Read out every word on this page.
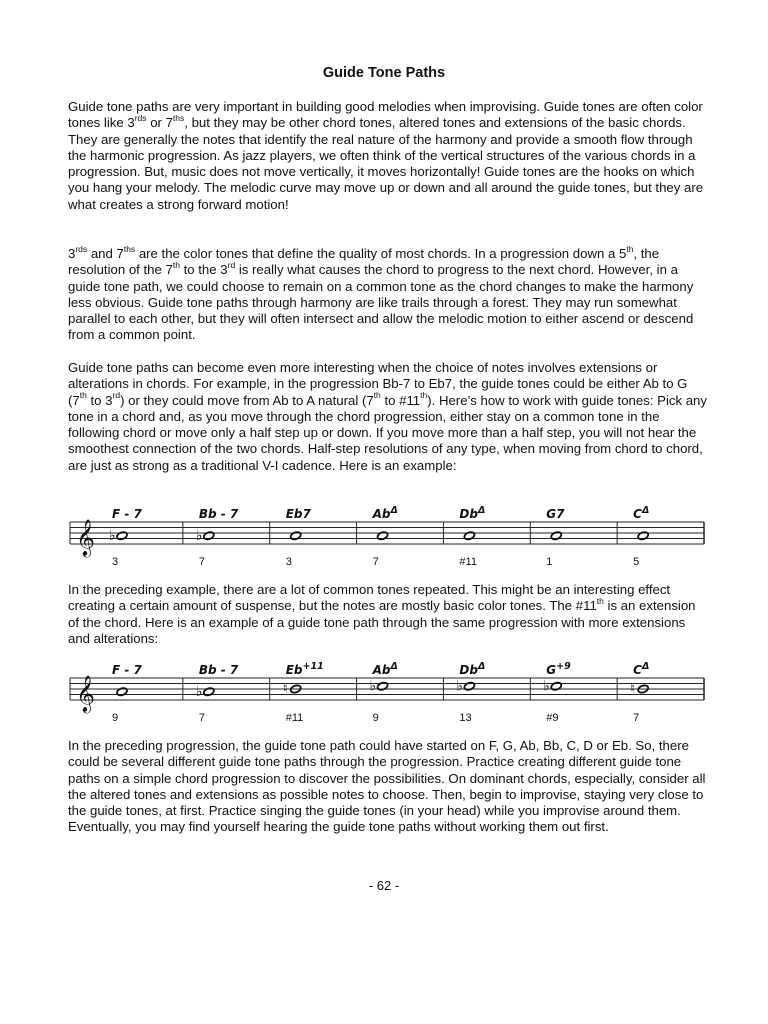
Guide Tone Paths

Guide tone paths are very important in building good melodies when improvising. Guide tones are often color tones like $3^{rds}$ or $7^{ths}$, but they may be other chord tones, altered tones and extensions of the basic chords. They are generally the notes that identify the real nature of the harmony and provide a smooth flow through the harmonic progression. As jazz players, we often think of the vertical structures of the various chords in a progression. But, music does not move vertically, it moves horizontally! Guide tones are the hooks on which you hang your melody. The melodic curve may move up or down and all around the guide tones, but they are what creates a strong forward motion!

$3^{rds}$ and $7^{ths}$ are the color tones that define the quality of most chords. In a progression down a 5th, the resolution of the 7th to the 3rd is really what causes the chord to progress to the next chord. However, in a guide tone path, we could choose to remain on a common tone as the chord changes to make the harmony less obvious. Guide tone paths through harmony are like trails through a forest. They may run somewhat parallel to each other, but they will often intersect and allow the melodic motion to either ascend or descend from a common point.

Guide tone paths can become even more interesting when the choice of notes involves extensions or alterations in chords. For example, in the progression Bb-7 to Eb7, the guide tones could be either Ab to G (7th to 3rd) or they could move from Ab to A natural (7th to #11th). Here’s how to work with guide tones: Pick any tone in a chord and, as you move through the chord progression, either stay on a common tone in the following chord or move only a half step up or down. If you move more than a half step, you will not hear the smoothest connection of the two chords. Half-step resolutions of any type, when moving from chord to chord, are just as strong as a traditional V-I cadence. Here is an example:

𝄞
F - 7
♭
3
Bb - 7
♭
7
Eb7
3
$Ab^\Delta$
7
$Db^\Delta$
#11
G7
1
$C^\Delta$
5

In the preceding example, there are a lot of common tones repeated. This might be an interesting effect creating a certain amount of suspense, but the notes are mostly basic color tones. The #11th is an extension of the chord. Here is an example of a guide tone path through the same progression with more extensions and alterations:

𝄞
F - 7
9
Bb - 7
♭
7
$Eb^{+11}$
♮
#11
$Ab^\Delta$
♭
9
$Db^\Delta$
♭
13
$G^{+9}$
♭
#9
$C^\Delta$
♮
7

In the preceding progression, the guide tone path could have started on F, G, Ab, Bb, C, D or Eb. So, there could be several different guide tone paths through the progression. Practice creating different guide tone paths on a simple chord progression to discover the possibilities. On dominant chords, especially, consider all the altered tones and extensions as possible notes to choose. Then, begin to improvise, staying very close to the guide tones, at first. Practice singing the guide tones (in your head) while you improvise around them. Eventually, you may find yourself hearing the guide tone paths without working them out first.

- 62 -
